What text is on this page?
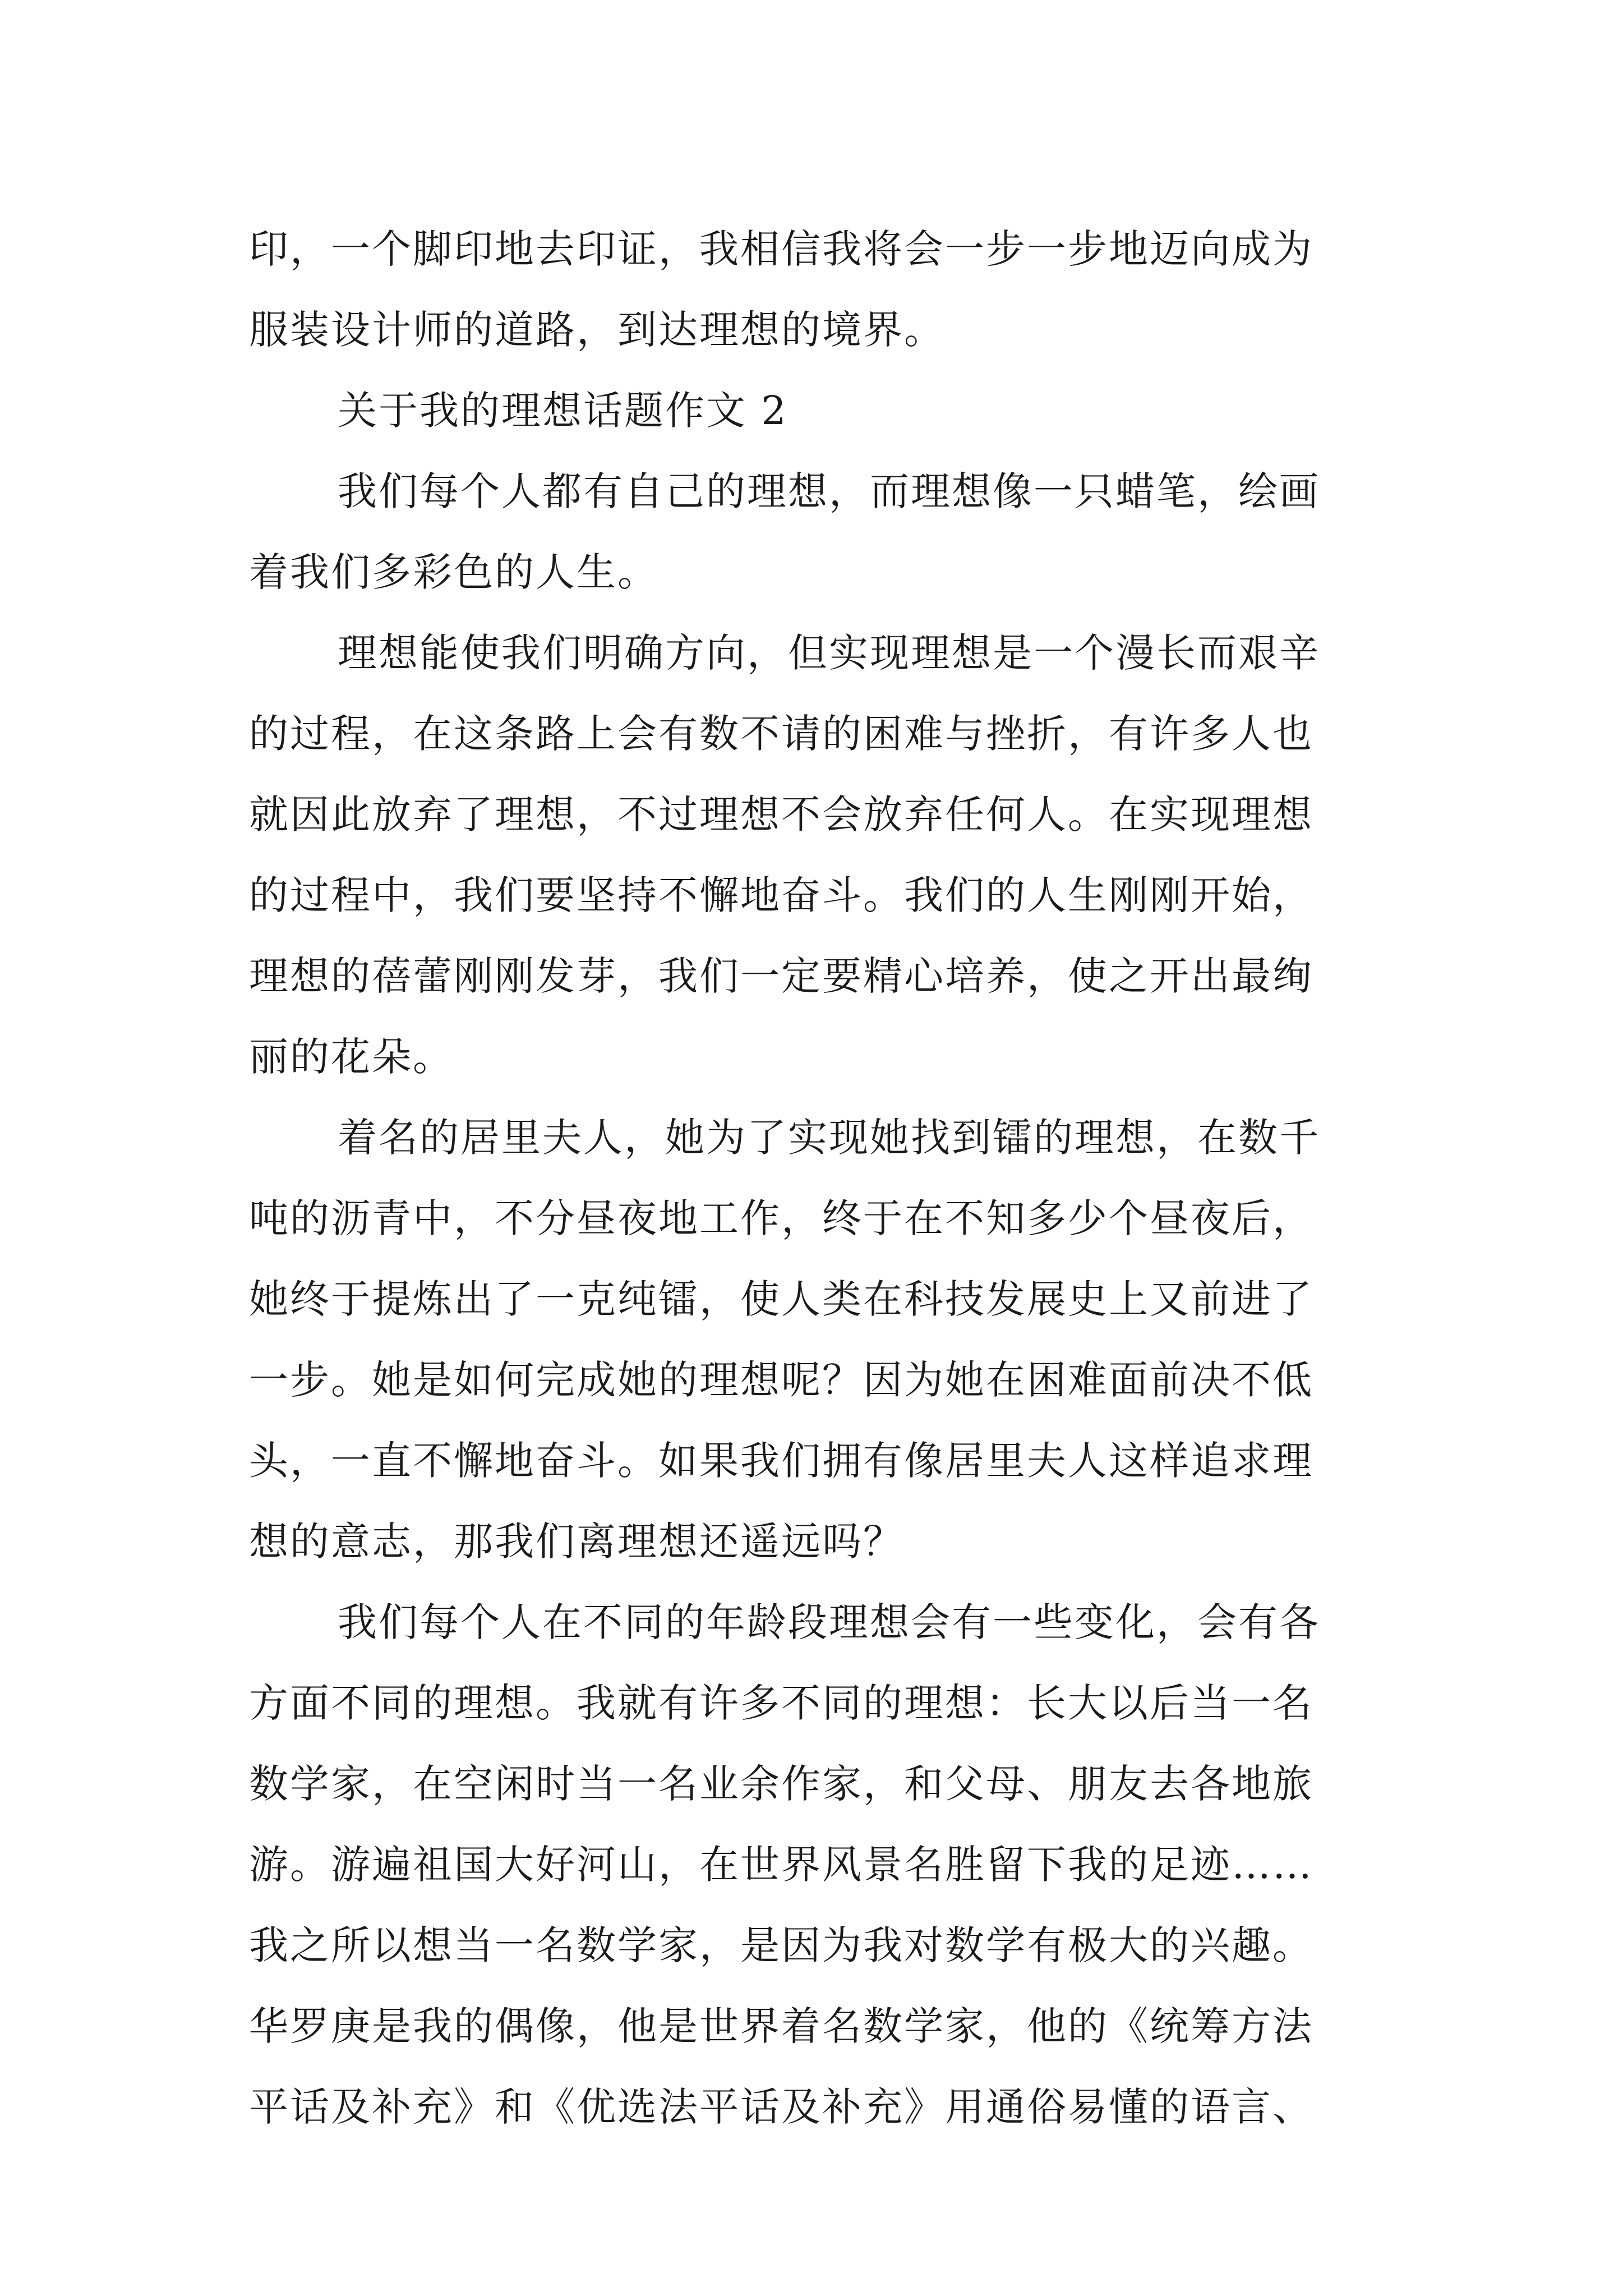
印，一个脚印地去印证，我相信我将会一步一步地迈向成为
服装设计师的道路，到达理想的境界。
关于我的理想话题作文 2
我们每个人都有自己的理想，而理想像一只蜡笔，绘画
着我们多彩色的人生。
理想能使我们明确方向，但实现理想是一个漫长而艰辛
的过程，在这条路上会有数不请的困难与挫折，有许多人也
就因此放弃了理想，不过理想不会放弃任何人。在实现理想
的过程中，我们要坚持不懈地奋斗。我们的人生刚刚开始，
理想的蓓蕾刚刚发芽，我们一定要精心培养，使之开出最绚
丽的花朵。
着名的居里夫人，她为了实现她找到镭的理想，在数千
吨的沥青中，不分昼夜地工作，终于在不知多少个昼夜后，
她终于提炼出了一克纯镭，使人类在科技发展史上又前进了
一步。她是如何完成她的理想呢？因为她在困难面前决不低
头，一直不懈地奋斗。如果我们拥有像居里夫人这样追求理
想的意志，那我们离理想还遥远吗？
我们每个人在不同的年龄段理想会有一些变化，会有各
方面不同的理想。我就有许多不同的理想：长大以后当一名
数学家，在空闲时当一名业余作家，和父母、朋友去各地旅
游。游遍祖国大好河山，在世界风景名胜留下我的足迹……
我之所以想当一名数学家，是因为我对数学有极大的兴趣。
华罗庚是我的偶像，他是世界着名数学家，他的《统筹方法
平话及补充》和《优选法平话及补充》用通俗易懂的语言、
